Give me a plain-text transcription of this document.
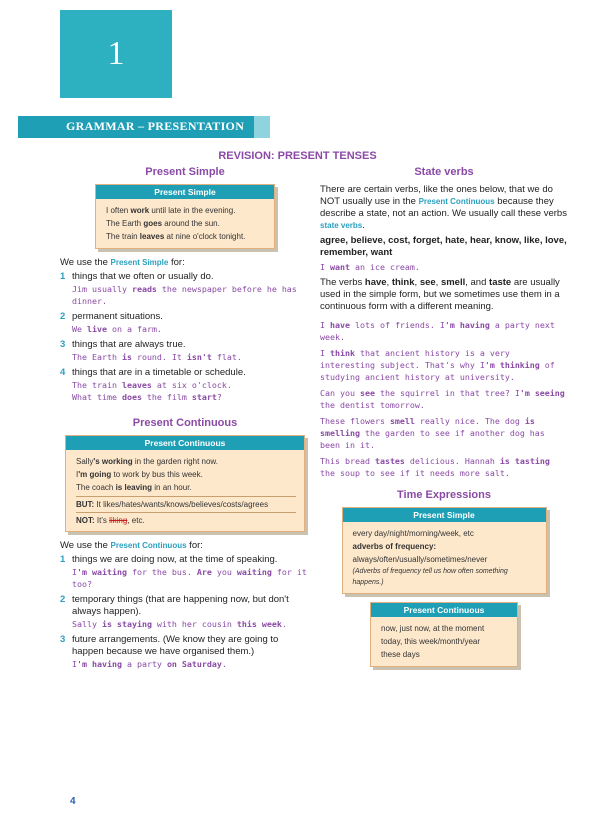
1
GRAMMAR – PRESENTATION
REVISION: PRESENT TENSES
Present Simple
Present Simple

I often work until late in the evening.

The Earth goes around the sun.

The train leaves at nine o'clock tonight.

We use the Present Simple for:
1 things that we often or usually do.
Jim usually reads the newspaper before he has dinner.
2 permanent situations.
We live on a farm.
3 things that are always true.
The Earth is round. It isn't flat.
4 things that are in a timetable or schedule.
The train leaves at six o'clock.
What time does the film start?
Present Continuous
Present Continuous

Sally's working in the garden right now.

I'm going to work by bus this week.

The coach is leaving in an hour.

BUT: It likes/hates/wants/knows/believes/costs/agrees
NOT: It's liking, etc.
We use the Present Continuous for:
1 things we are doing now, at the time of speaking.
I'm waiting for the bus. Are you waiting for it too?
2 temporary things (that are happening now, but don't always happen).
Sally is staying with her cousin this week.
3 future arrangements. (We know they are going to happen because we have organised them.)
I'm having a party on Saturday.
State verbs
There are certain verbs, like the ones below, that we do NOT usually use in the Present Continuous because they describe a state, not an action. We usually call these verbs state verbs.
agree, believe, cost, forget, hate, hear, know, like, love, remember, want
I want an ice cream.
The verbs have, think, see, smell, and taste are usually used in the simple form, but we sometimes use them in a continuous form with a different meaning.
I have lots of friends. I'm having a party next week.
I think that ancient history is a very interesting subject. That's why I'm thinking of studying ancient history at university.
Can you see the squirrel in that tree? I'm seeing the dentist tomorrow.
These flowers smell really nice. The dog is smelling the garden to see if another dog has been in it.
This bread tastes delicious. Hannah is tasting the soup to see if it needs more salt.
Time Expressions
Present Simple

every day/night/morning/week, etc

adverbs of frequency:

always/often/usually/sometimes/never

(Adverbs of frequency tell us how often something happens.)

Present Continuous

now, just now, at the moment

today, this week/month/year

these days

4
